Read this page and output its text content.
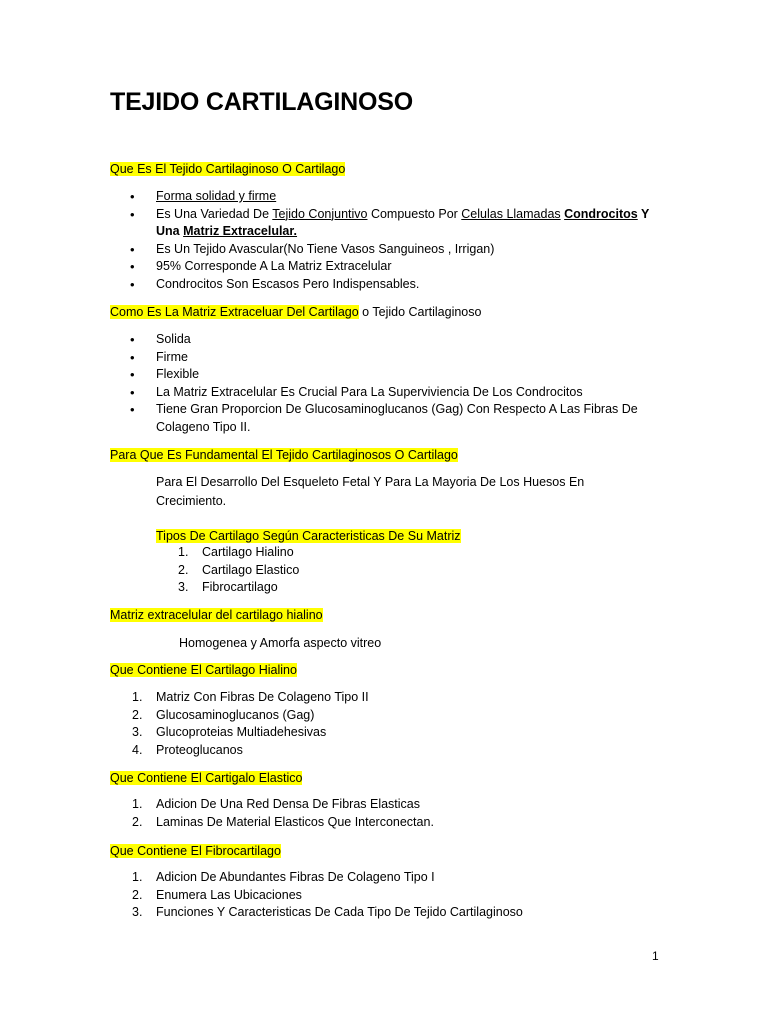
TEJIDO CARTILAGINOSO

Que Es El Tejido Cartilaginoso O Cartilago

• Forma solidad y firme
• Es Una Variedad De Tejido Conjuntivo Compuesto Por Celulas Llamadas Condrocitos Y Una Matriz Extracelular.
• Es Un Tejido Avascular(No Tiene Vasos Sanguineos , Irrigan)
• 95% Corresponde A La Matriz Extracelular
• Condrocitos Son Escasos Pero Indispensables.

Como Es La Matriz Extraceluar Del Cartilago o Tejido Cartilaginoso

• Solida
• Firme
• Flexible
• La Matriz Extracelular Es Crucial Para La Superviviencia De Los Condrocitos
• Tiene Gran Proporcion De Glucosaminoglucanos (Gag) Con Respecto A Las Fibras De Colageno Tipo II.

Para Que Es Fundamental El Tejido Cartilaginosos O Cartilago

Para El Desarrollo Del Esqueleto Fetal Y Para La Mayoria De Los Huesos En Crecimiento.

Tipos De Cartilago Según Caracteristicas De Su Matriz

1. Cartilago Hialino
2. Cartilago Elastico
3. Fibrocartilago

Matriz extracelular del cartilago hialino

Homogenea y Amorfa aspecto vitreo

Que Contiene El Cartilago Hialino

1. Matriz Con Fibras De Colageno Tipo II
2. Glucosaminoglucanos (Gag)
3. Glucoproteias Multiadehesivas
4. Proteoglucanos

Que Contiene El Cartigalo Elastico

1. Adicion De Una Red Densa De Fibras Elasticas
2. Laminas De Material Elasticos Que Interconectan.

Que Contiene El Fibrocartilago

1. Adicion De Abundantes Fibras De Colageno Tipo I
2. Enumera Las Ubicaciones
3. Funciones Y Caracteristicas De Cada Tipo De Tejido Cartilaginoso
1
